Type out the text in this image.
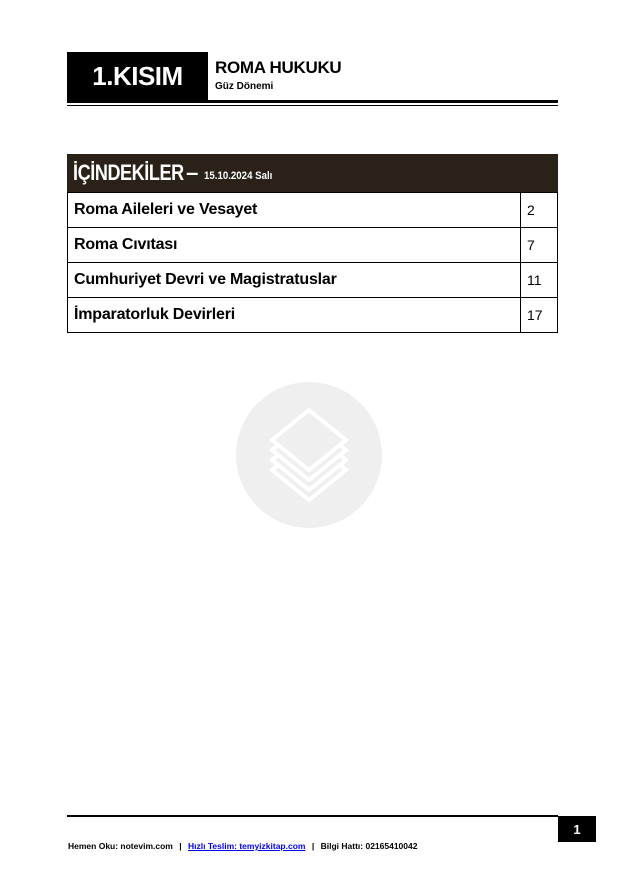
1.KISIM	ROMA HUKUKU
Güz Dönemi
İÇİNDEKİLER – 15.10.2024 Salı
Roma Aileleri ve Vesayet	2
Roma Cıvıtası	7
Cumhuriyet Devri ve Magistratuslar	11
İmparatorluk Devirleri	17
1
Hemen Oku: notevim.com | Hızlı Teslim: temyizkitap.com | Bilgi Hattı: 02165410042
